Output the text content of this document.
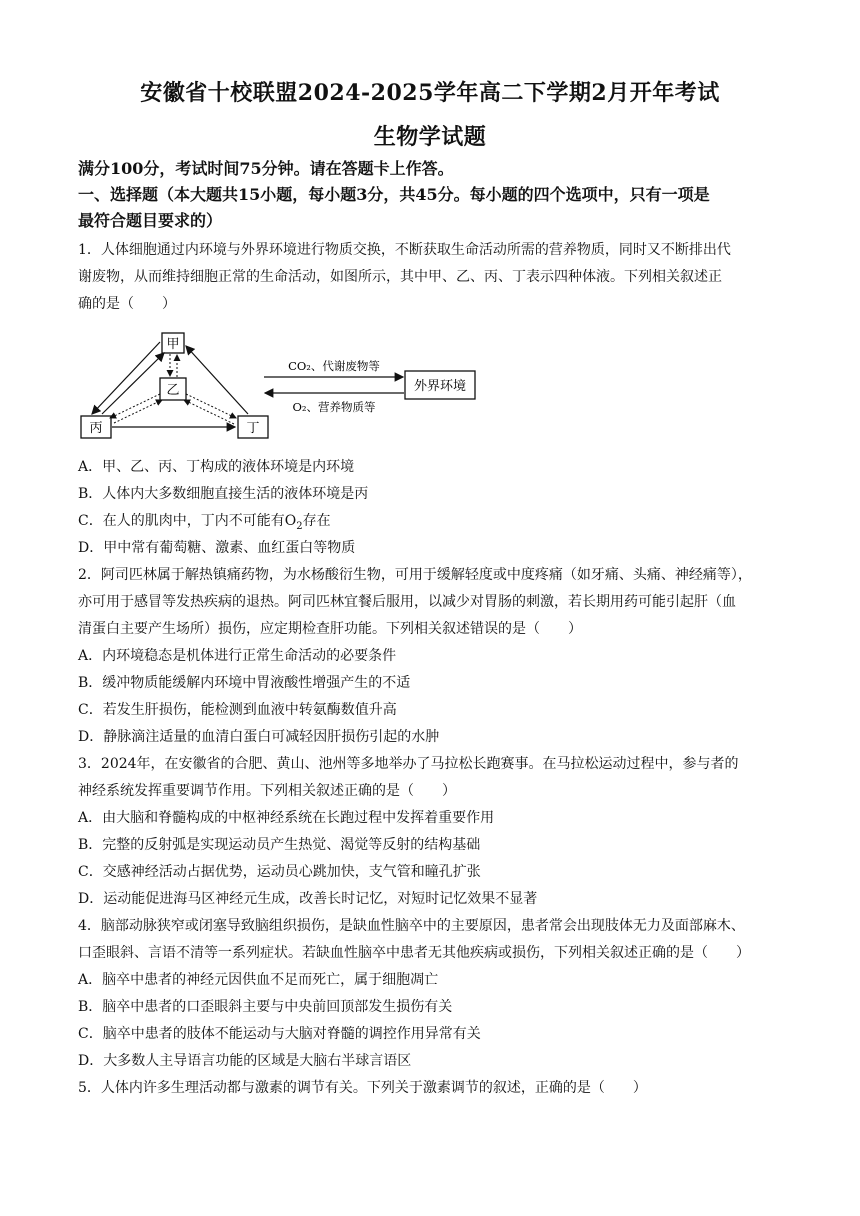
安徽省十校联盟2024-2025学年高二下学期2月开年考试
生物学试题
满分100分，考试时间75分钟。请在答题卡上作答。
一、选择题（本大题共15小题，每小题3分，共45分。每小题的四个选项中，只有一项是
最符合题目要求的）
1．人体细胞通过内环境与外界环境进行物质交换，不断获取生命活动所需的营养物质，同时又不断排出代
谢废物，从而维持细胞正常的生命活动，如图所示，其中甲、乙、丙、丁表示四种体液。下列相关叙述正
确的是（　　）
甲
乙
丙	丁
外界环境
CO₂、代谢废物等
O₂、营养物质等
A．甲、乙、丙、丁构成的液体环境是内环境
B．人体内大多数细胞直接生活的液体环境是丙
C．在人的肌肉中，丁内不可能有$O_2$存在
D．甲中常有葡萄糖、激素、血红蛋白等物质
2．阿司匹林属于解热镇痛药物，为水杨酸衍生物，可用于缓解轻度或中度疼痛（如牙痛、头痛、神经痛等），
亦可用于感冒等发热疾病的退热。阿司匹林宜餐后服用，以减少对胃肠的刺激，若长期用药可能引起肝（血
清蛋白主要产生场所）损伤，应定期检查肝功能。下列相关叙述错误的是（　　）
A．内环境稳态是机体进行正常生命活动的必要条件
B．缓冲物质能缓解内环境中胃液酸性增强产生的不适
C．若发生肝损伤，能检测到血液中转氨酶数值升高
D．静脉滴注适量的血清白蛋白可减轻因肝损伤引起的水肿
3．2024年，在安徽省的合肥、黄山、池州等多地举办了马拉松长跑赛事。在马拉松运动过程中，参与者的
神经系统发挥重要调节作用。下列相关叙述正确的是（　　）
A．由大脑和脊髓构成的中枢神经系统在长跑过程中发挥着重要作用
B．完整的反射弧是实现运动员产生热觉、渴觉等反射的结构基础
C．交感神经活动占据优势，运动员心跳加快，支气管和瞳孔扩张
D．运动能促进海马区神经元生成，改善长时记忆，对短时记忆效果不显著
4．脑部动脉狭窄或闭塞导致脑组织损伤，是缺血性脑卒中的主要原因，患者常会出现肢体无力及面部麻木、
口歪眼斜、言语不清等一系列症状。若缺血性脑卒中患者无其他疾病或损伤，下列相关叙述正确的是（　　）
A．脑卒中患者的神经元因供血不足而死亡，属于细胞凋亡
B．脑卒中患者的口歪眼斜主要与中央前回顶部发生损伤有关
C．脑卒中患者的肢体不能运动与大脑对脊髓的调控作用异常有关
D．大多数人主导语言功能的区域是大脑右半球言语区
5．人体内许多生理活动都与激素的调节有关。下列关于激素调节的叙述，正确的是（　　）
